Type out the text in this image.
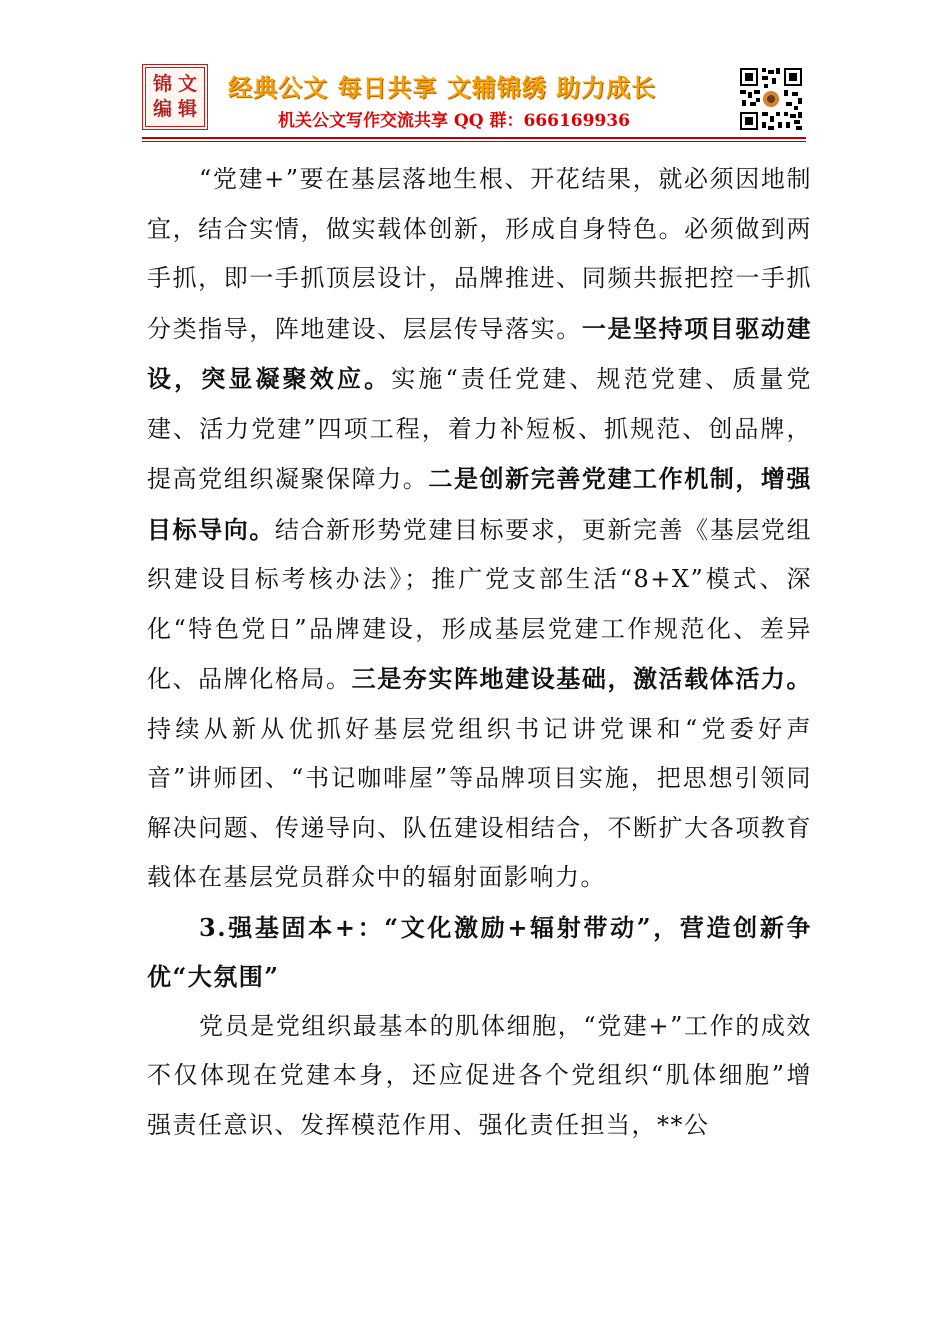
锦 文
编 辑
经典公文 每日共享 文辅锦绣 助力成长
机关公文写作交流共享 QQ 群：666169936

“党建+”要在基层落地生根、开花结果，就必须因地制宜，结合实情，做实载体创新，形成自身特色。必须做到两手抓，即一手抓顶层设计，品牌推进、同频共振把控一手抓分类指导，阵地建设、层层传导落实。一是坚持项目驱动建设，突显凝聚效应。实施“责任党建、规范党建、质量党建、活力党建”四项工程，着力补短板、抓规范、创品牌，提高党组织凝聚保障力。二是创新完善党建工作机制，增强目标导向。结合新形势党建目标要求，更新完善《基层党组织建设目标考核办法》；推广党支部生活“8+X”模式、深化“特色党日”品牌建设，形成基层党建工作规范化、差异化、品牌化格局。三是夯实阵地建设基础，激活载体活力。持续从新从优抓好基层党组织书记讲党课和“党委好声音”讲师团、“书记咖啡屋”等品牌项目实施，把思想引领同解决问题、传递导向、队伍建设相结合，不断扩大各项教育载体在基层党员群众中的辐射面影响力。

3.强基固本+：“文化激励+辐射带动”，营造创新争优“大氛围”

党员是党组织最基本的肌体细胞，“党建+”工作的成效不仅体现在党建本身，还应促进各个党组织“肌体细胞”增强责任意识、发挥模范作用、强化责任担当，**公
